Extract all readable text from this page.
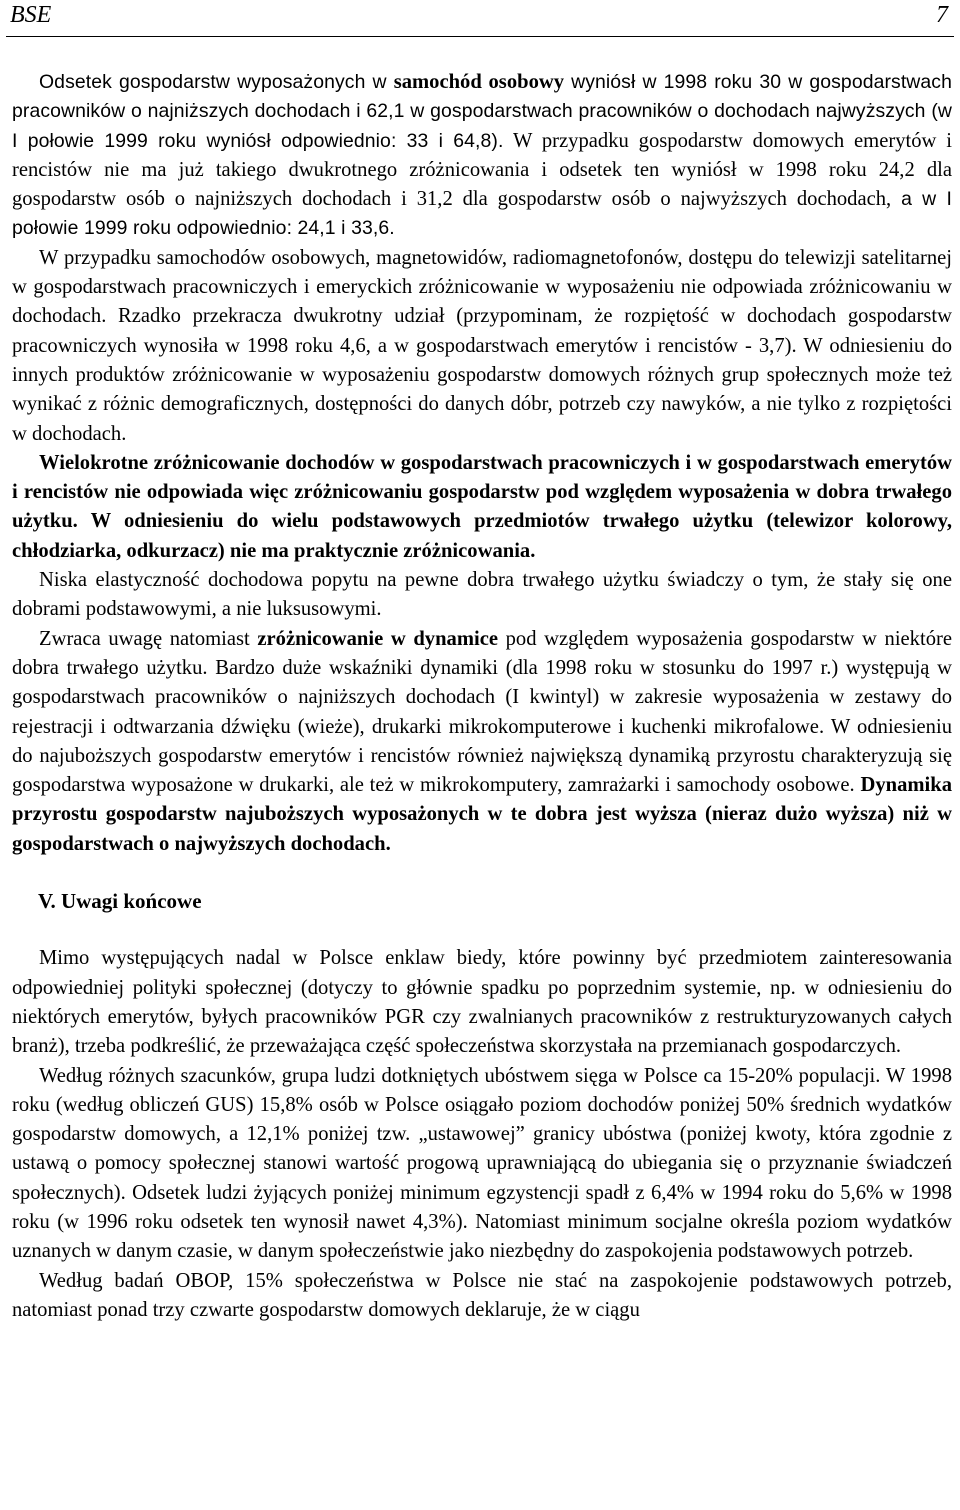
BSE	7

Odsetek gospodarstw wyposażonych w samochód osobowy wyniósł w 1998 roku 30 w gospodarstwach pracowników o najniższych dochodach i 62,1 w gospodarstwach pracowników o dochodach najwyższych (w I połowie 1999 roku wyniósł odpowiednio: 33 i 64,8). W przypadku gospodarstw domowych emerytów i rencistów nie ma już takiego dwukrotnego zróżnicowania i odsetek ten wyniósł w 1998 roku 24,2 dla gospodarstw osób o najniższych dochodach i 31,2 dla gospodarstw osób o najwyższych dochodach, a w I połowie 1999 roku odpowiednio: 24,1 i 33,6.

W przypadku samochodów osobowych, magnetowidów, radiomagnetofonów, dostępu do telewizji satelitarnej w gospodarstwach pracowniczych i emeryckich zróżnicowanie w wyposażeniu nie odpowiada zróżnicowaniu w dochodach. Rzadko przekracza dwukrotny udział (przypominam, że rozpiętość w dochodach gospodarstw pracowniczych wynosiła w 1998 roku 4,6, a w gospodarstwach emerytów i rencistów - 3,7). W odniesieniu do innych produktów zróżnicowanie w wyposażeniu gospodarstw domowych różnych grup społecznych może też wynikać z różnic demograficznych, dostępności do danych dóbr, potrzeb czy nawyków, a nie tylko z rozpiętości w dochodach.

Wielokrotne zróżnicowanie dochodów w gospodarstwach pracowniczych i w gospodarstwach emerytów i rencistów nie odpowiada więc zróżnicowaniu gospodarstw pod względem wyposażenia w dobra trwałego użytku. W odniesieniu do wielu podstawowych przedmiotów trwałego użytku (telewizor kolorowy, chłodziarka, odkurzacz) nie ma praktycznie zróżnicowania.

Niska elastyczność dochodowa popytu na pewne dobra trwałego użytku świadczy o tym, że stały się one dobrami podstawowymi, a nie luksusowymi.

Zwraca uwagę natomiast zróżnicowanie w dynamice pod względem wyposażenia gospodarstw w niektóre dobra trwałego użytku. Bardzo duże wskaźniki dynamiki (dla 1998 roku w stosunku do 1997 r.) występują w gospodarstwach pracowników o najniższych dochodach (I kwintyl) w zakresie wyposażenia w zestawy do rejestracji i odtwarzania dźwięku (wieże), drukarki mikrokomputerowe i kuchenki mikrofalowe. W odniesieniu do najuboższych gospodarstw emerytów i rencistów również największą dynamiką przyrostu charakteryzują się gospodarstwa wyposażone w drukarki, ale też w mikrokomputery, zamrażarki i samochody osobowe. Dynamika przyrostu gospodarstw najuboższych wyposażonych w te dobra jest wyższa (nieraz dużo wyższa) niż w gospodarstwach o najwyższych dochodach.

V. Uwagi końcowe

Mimo występujących nadal w Polsce enklaw biedy, które powinny być przedmiotem zainteresowania odpowiedniej polityki społecznej (dotyczy to głównie spadku po poprzednim systemie, np. w odniesieniu do niektórych emerytów, byłych pracowników PGR czy zwalnianych pracowników z restrukturyzowanych całych branż), trzeba podkreślić, że przeważająca część społeczeństwa skorzystała na przemianach gospodarczych.

Według różnych szacunków, grupa ludzi dotkniętych ubóstwem sięga w Polsce ca 15-20% populacji. W 1998 roku (według obliczeń GUS) 15,8% osób w Polsce osiągało poziom dochodów poniżej 50% średnich wydatków gospodarstw domowych, a 12,1% poniżej tzw. „ustawowej” granicy ubóstwa (poniżej kwoty, która zgodnie z ustawą o pomocy społecznej stanowi wartość progową uprawniającą do ubiegania się o przyznanie świadczeń społecznych). Odsetek ludzi żyjących poniżej minimum egzystencji spadł z 6,4% w 1994 roku do 5,6% w 1998 roku (w 1996 roku odsetek ten wynosił nawet 4,3%). Natomiast minimum socjalne określa poziom wydatków uznanych w danym czasie, w danym społeczeństwie jako niezbędny do zaspokojenia podstawowych potrzeb.

Według badań OBOP, 15% społeczeństwa w Polsce nie stać na zaspokojenie podstawowych potrzeb, natomiast ponad trzy czwarte gospodarstw domowych deklaruje, że w ciągu
